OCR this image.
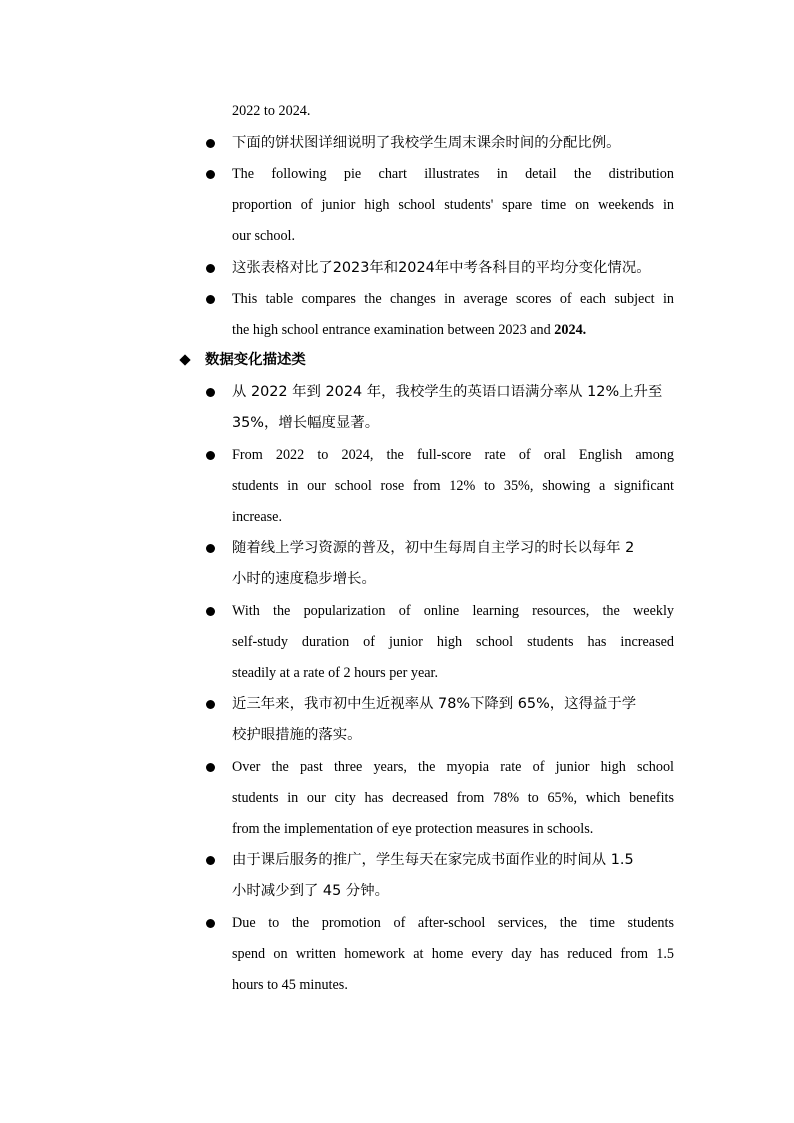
2022 to 2024.
下面的饼状图详细说明了我校学生周末课余时间的分配比例。
The following pie chart illustrates in detail the distribution
proportion of junior high school students' spare time on weekends in
our school.
这张表格对比了2023年和2024年中考各科目的平均分变化情况。
This table compares the changes in average scores of each subject in
the high school entrance examination between 2023 and 2024.
数据变化描述类
从 2022 年到 2024 年，我校学生的英语口语满分率从 12%上升至
35%，增长幅度显著。
From 2022 to 2024, the full-score rate of oral English among
students in our school rose from 12% to 35%, showing a significant
increase.
随着线上学习资源的普及，初中生每周自主学习的时长以每年 2
小时的速度稳步增长。
With the popularization of online learning resources, the weekly
self-study duration of junior high school students has increased
steadily at a rate of 2 hours per year.
近三年来，我市初中生近视率从 78%下降到 65%，这得益于学
校护眼措施的落实。
Over the past three years, the myopia rate of junior high school
students in our city has decreased from 78% to 65%, which benefits
from the implementation of eye protection measures in schools.
由于课后服务的推广，学生每天在家完成书面作业的时间从 1.5
小时减少到了 45 分钟。
Due to the promotion of after-school services, the time students
spend on written homework at home every day has reduced from 1.5
hours to 45 minutes.
